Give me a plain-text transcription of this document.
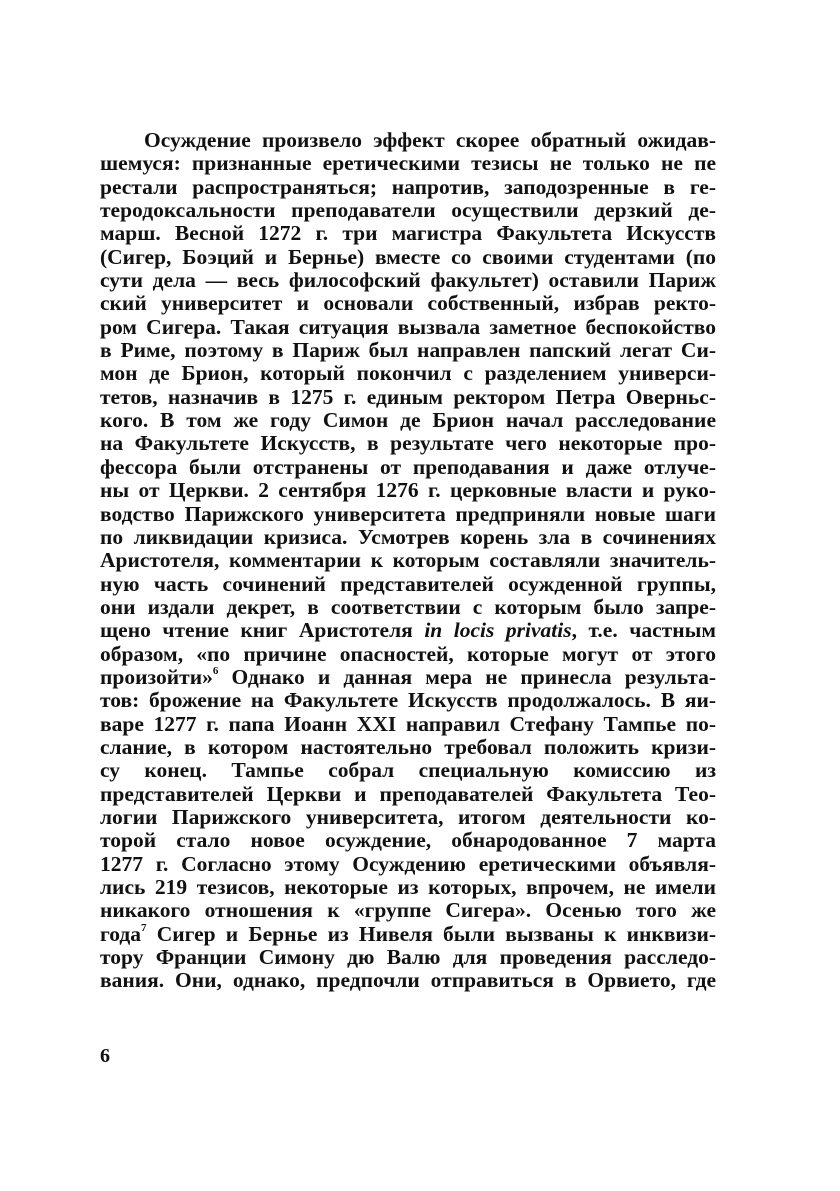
Осуждение произвело эффект скорее обратный ожидав-
шемуся: признанные еретическими тезисы не только не пе
рестали распространяться; напротив, заподозренные в ге-
теродоксальности преподаватели осуществили дерзкий де-
марш. Весной 1272 г. три магистра Факультета Искусств
(Сигер, Боэций и Бернье) вместе со своими студентами (по
сути дела — весь философский факультет) оставили Париж
ский университет и основали собственный, избрав ректо-
ром Сигера. Такая ситуация вызвала заметное беспокойство
в Риме, поэтому в Париж был направлен папский легат Си-
мон де Брион, который покончил с разделением универси-
тетов, назначив в 1275 г. единым ректором Петра Оверньс-
кого. В том же году Симон де Брион начал расследование
на Факультете Искусств, в результате чего некоторые про-
фессора были отстранены от преподавания и даже отлуче-
ны от Церкви. 2 сентября 1276 г. церковные власти и руко-
водство Парижского университета предприняли новые шаги
по ликвидации кризиса. Усмотрев корень зла в сочинениях
Аристотеля, комментарии к которым составляли значитель-
ную часть сочинений представителей осужденной группы,
они издали декрет, в соответствии с которым было запре-
щено чтение книг Аристотеля in locis privatis, т.е. частным
образом, «по причине опасностей, которые могут от этого
произойти»$^6$ Однако и данная мера не принесла результа-
тов: брожение на Факультете Искусств продолжалось. В яи-
варе 1277 г. папа Иоанн XXI направил Стефану Тампье по-
слание, в котором настоятельно требовал положить кризи-
су конец. Тампье собрал специальную комиссию из
представителей Церкви и преподавателей Факультета Тео-
логии Парижского университета, итогом деятельности ко-
торой стало новое осуждение, обнародованное 7 марта
1277 г. Согласно этому Осуждению еретическими объявля-
лись 219 тезисов, некоторые из которых, впрочем, не имели
никакого отношения к «группе Сигера». Осенью того же
года$^7$ Сигер и Бернье из Нивеля были вызваны к инквизи-
тору Франции Симону дю Валю для проведения расследо-
вания. Они, однако, предпочли отправиться в Орвието, где
6
